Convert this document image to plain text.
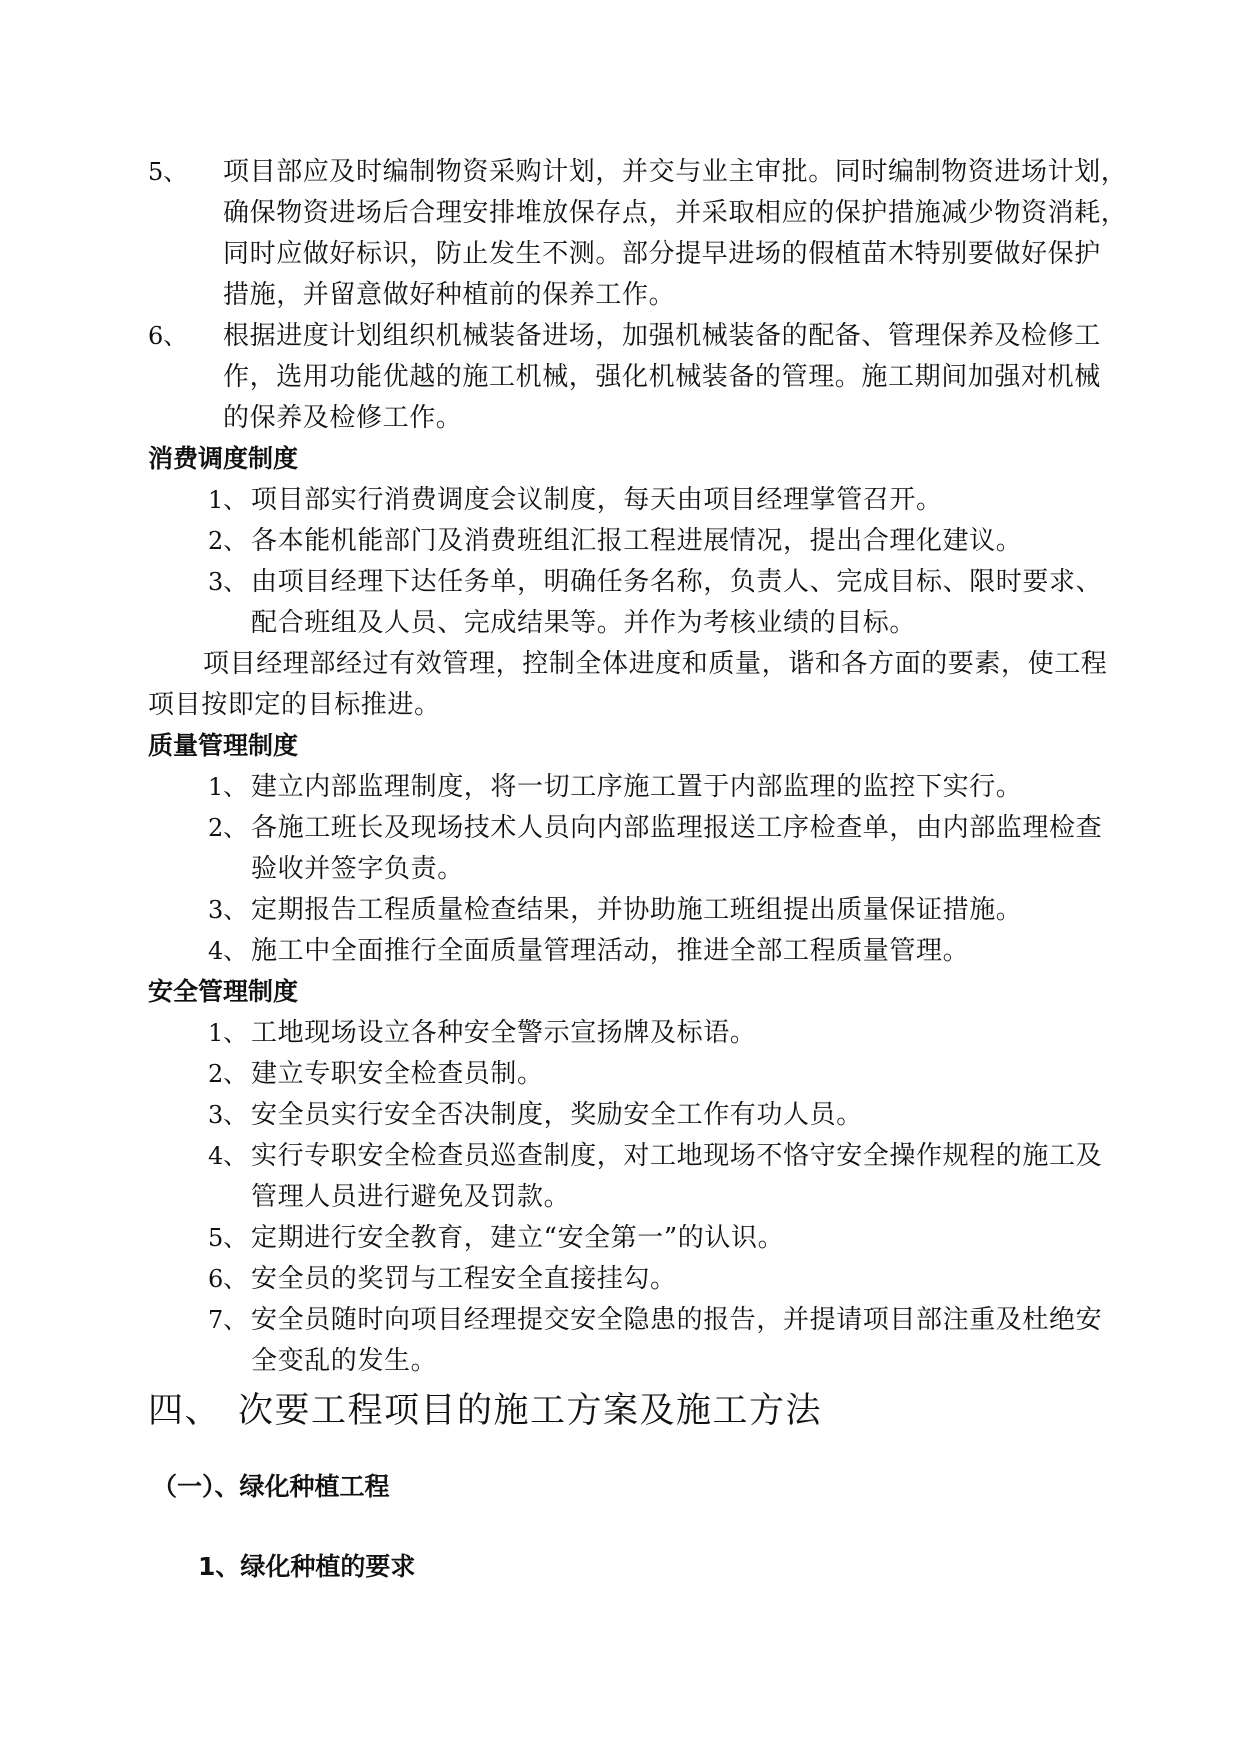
5、 项目部应及时编制物资采购计划，并交与业主审批。同时编制物资进场计划，
确保物资进场后合理安排堆放保存点，并采取相应的保护措施减少物资消耗，
同时应做好标识，防止发生不测。部分提早进场的假植苗木特别要做好保护
措施，并留意做好种植前的保养工作。
6、 根据进度计划组织机械装备进场，加强机械装备的配备、管理保养及检修工
作，选用功能优越的施工机械，强化机械装备的管理。施工期间加强对机械
的保养及检修工作。
消费调度制度
1、 项目部实行消费调度会议制度，每天由项目经理掌管召开。
2、 各本能机能部门及消费班组汇报工程进展情况，提出合理化建议。
3、 由项目经理下达任务单，明确任务名称，负责人、完成目标、限时要求、
配合班组及人员、完成结果等。并作为考核业绩的目标。
项目经理部经过有效管理，控制全体进度和质量，谐和各方面的要素，使工程
项目按即定的目标推进。
质量管理制度
1、 建立内部监理制度，将一切工序施工置于内部监理的监控下实行。
2、 各施工班长及现场技术人员向内部监理报送工序检查单，由内部监理检查
验收并签字负责。
3、 定期报告工程质量检查结果，并协助施工班组提出质量保证措施。
4、 施工中全面推行全面质量管理活动，推进全部工程质量管理。
安全管理制度
1、 工地现场设立各种安全警示宣扬牌及标语。
2、 建立专职安全检查员制。
3、 安全员实行安全否决制度，奖励安全工作有功人员。
4、 实行专职安全检查员巡查制度，对工地现场不恪守安全操作规程的施工及
管理人员进行避免及罚款。
5、 定期进行安全教育，建立“安全第一”的认识。
6、 安全员的奖罚与工程安全直接挂勾。
7、 安全员随时向项目经理提交安全隐患的报告，并提请项目部注重及杜绝安
全变乱的发生。
四、 次要工程项目的施工方案及施工方法
（一）、绿化种植工程
1、绿化种植的要求
